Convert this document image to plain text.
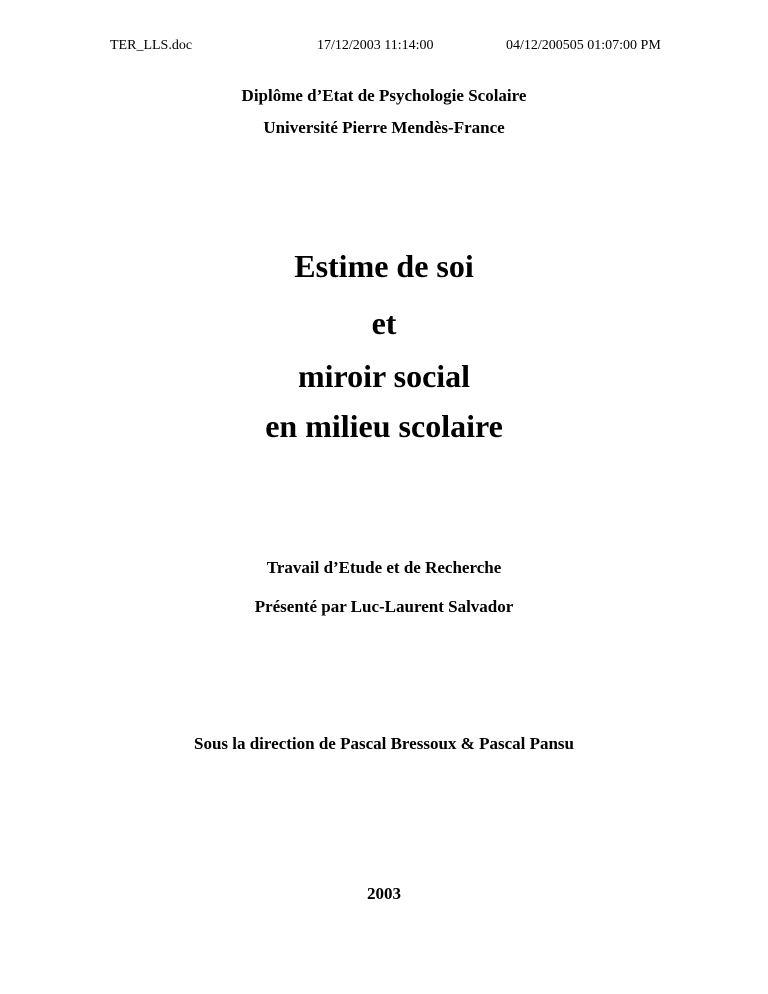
TER_LLS.doc	17/12/2003 11:14:00	04/12/200505 01:07:00 PM
Diplôme d’Etat de Psychologie Scolaire
Université Pierre Mendès-France
Estime de soi
et
miroir social
en milieu scolaire
Travail d’Etude et de Recherche
Présenté par Luc-Laurent Salvador
Sous la direction de Pascal Bressoux & Pascal Pansu
2003
